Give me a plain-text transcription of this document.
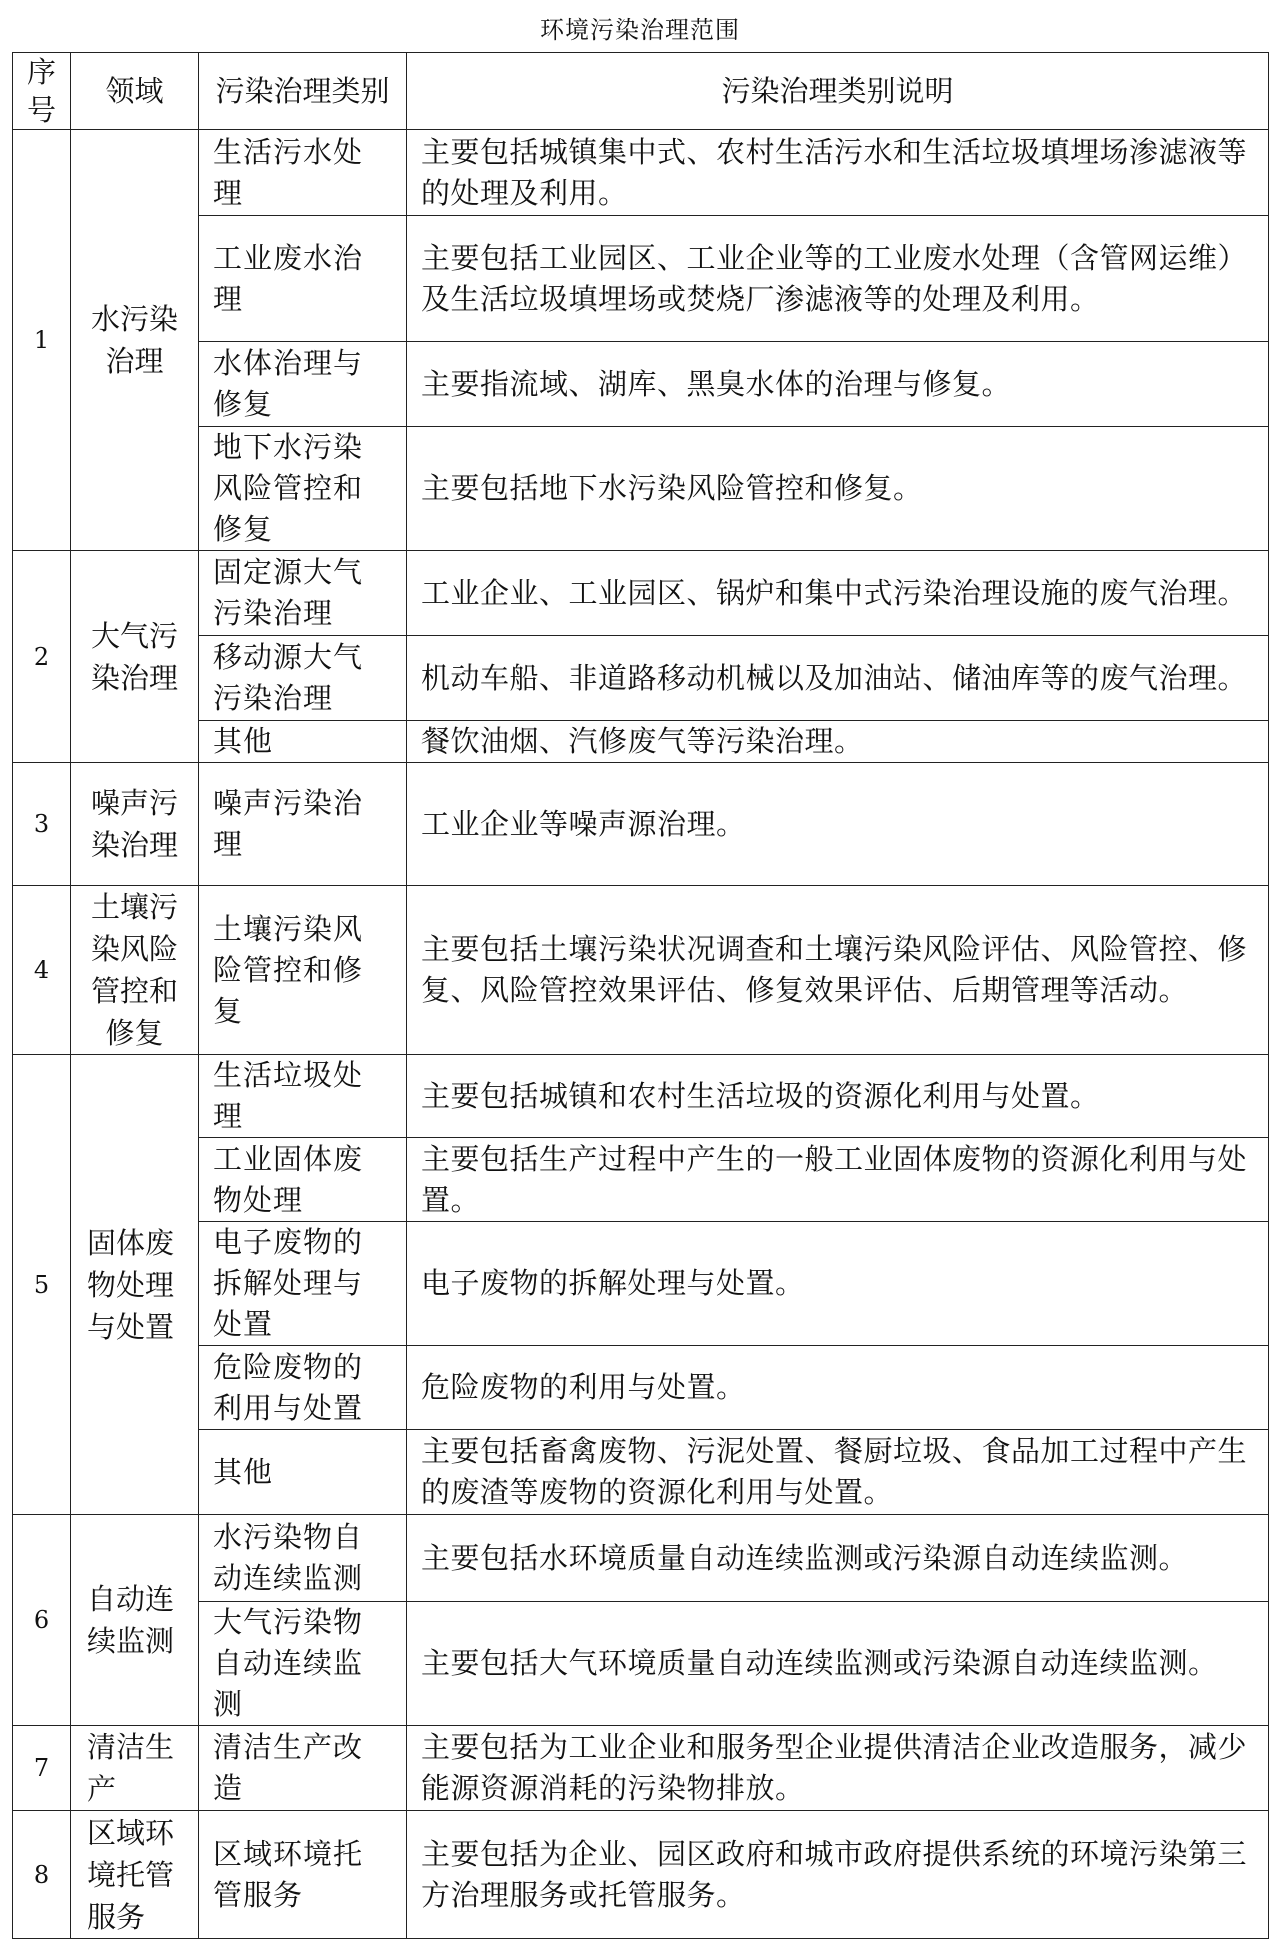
环境污染治理范围
序号	领域	污染治理类别	污染治理类别说明
1	水污染治理	生活污水处理	主要包括城镇集中式、农村生活污水和生活垃圾填埋场渗滤液等的处理及利用。
		工业废水治理	主要包括工业园区、工业企业等的工业废水处理（含管网运维）及生活垃圾填埋场或焚烧厂渗滤液等的处理及利用。
		水体治理与修复	主要指流域、湖库、黑臭水体的治理与修复。
		地下水污染风险管控和修复	主要包括地下水污染风险管控和修复。
2	大气污染治理	固定源大气污染治理	工业企业、工业园区、锅炉和集中式污染治理设施的废气治理。
		移动源大气污染治理	机动车船、非道路移动机械以及加油站、储油库等的废气治理。
		其他	餐饮油烟、汽修废气等污染治理。
3	噪声污染治理	噪声污染治理	工业企业等噪声源治理。
4	土壤污染风险管控和修复	土壤污染风险管控和修复	主要包括土壤污染状况调查和土壤污染风险评估、风险管控、修复、风险管控效果评估、修复效果评估、后期管理等活动。
5	固体废物处理与处置	生活垃圾处理	主要包括城镇和农村生活垃圾的资源化利用与处置。
		工业固体废物处理	主要包括生产过程中产生的一般工业固体废物的资源化利用与处置。
		电子废物的拆解处理与处置	电子废物的拆解处理与处置。
		危险废物的利用与处置	危险废物的利用与处置。
		其他	主要包括畜禽废物、污泥处置、餐厨垃圾、食品加工过程中产生的废渣等废物的资源化利用与处置。
6	自动连续监测	水污染物自动连续监测	主要包括水环境质量自动连续监测或污染源自动连续监测。
		大气污染物自动连续监测	主要包括大气环境质量自动连续监测或污染源自动连续监测。
7	清洁生产	清洁生产改造	主要包括为工业企业和服务型企业提供清洁企业改造服务，减少能源资源消耗的污染物排放。
8	区域环境托管服务	区域环境托管服务	主要包括为企业、园区政府和城市政府提供系统的环境污染第三方治理服务或托管服务。
